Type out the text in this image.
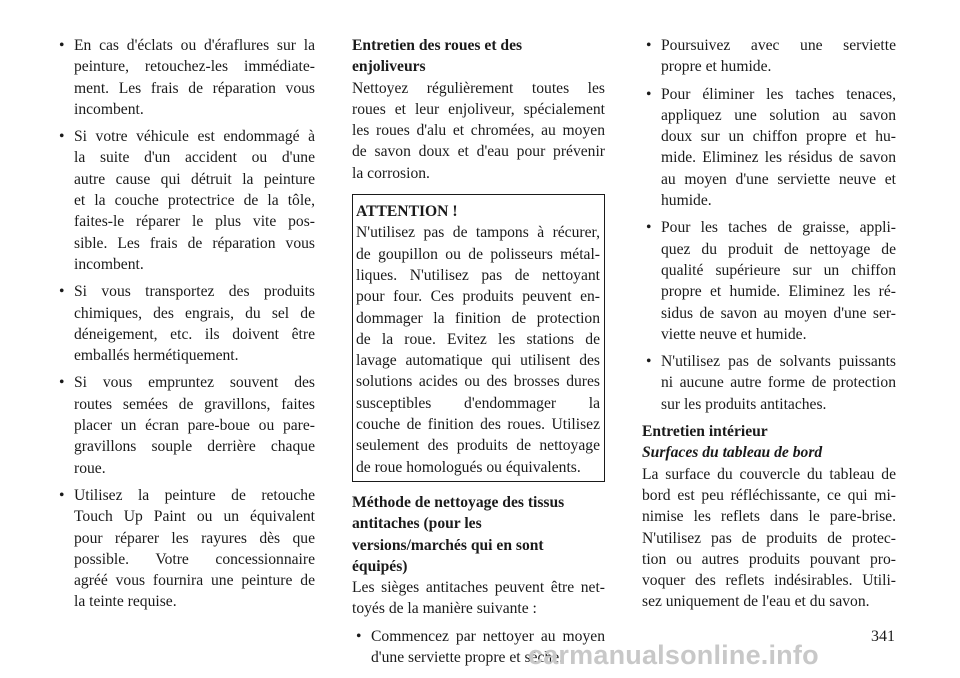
• En cas d'éclats ou d'éraflures sur la
peinture, retouchez-les immédiate-
ment. Les frais de réparation vous
incombent.
• Si votre véhicule est endommagé à
la suite d'un accident ou d'une
autre cause qui détruit la peinture
et la couche protectrice de la tôle,
faites-le réparer le plus vite pos-
sible. Les frais de réparation vous
incombent.
• Si vous transportez des produits
chimiques, des engrais, du sel de
déneigement, etc. ils doivent être
emballés hermétiquement.
• Si vous empruntez souvent des
routes semées de gravillons, faites
placer un écran pare-boue ou pare-
gravillons souple derrière chaque
roue.
• Utilisez la peinture de retouche
Touch Up Paint ou un équivalent
pour réparer les rayures dès que
possible. Votre concessionnaire
agréé vous fournira une peinture de
la teinte requise.
Entretien des roues et des
enjoliveurs
Nettoyez régulièrement toutes les
roues et leur enjoliveur, spécialement
les roues d'alu et chromées, au moyen
de savon doux et d'eau pour prévenir
la corrosion.
ATTENTION !
N'utilisez pas de tampons à récurer,
de goupillon ou de polisseurs métal-
liques. N'utilisez pas de nettoyant
pour four. Ces produits peuvent en-
dommager la finition de protection
de la roue. Evitez les stations de
lavage automatique qui utilisent des
solutions acides ou des brosses dures
susceptibles d'endommager la
couche de finition des roues. Utilisez
seulement des produits de nettoyage
de roue homologués ou équivalents.
Méthode de nettoyage des tissus
antitaches (pour les
versions/marchés qui en sont
équipés)
Les sièges antitaches peuvent être net-
toyés de la manière suivante :
• Commencez par nettoyer au moyen
d'une serviette propre et sèche.
• Poursuivez avec une serviette
propre et humide.
• Pour éliminer les taches tenaces,
appliquez une solution au savon
doux sur un chiffon propre et hu-
mide. Eliminez les résidus de savon
au moyen d'une serviette neuve et
humide.
• Pour les taches de graisse, appli-
quez du produit de nettoyage de
qualité supérieure sur un chiffon
propre et humide. Eliminez les ré-
sidus de savon au moyen d'une ser-
viette neuve et humide.
• N'utilisez pas de solvants puissants
ni aucune autre forme de protection
sur les produits antitaches.
Entretien intérieur
Surfaces du tableau de bord
La surface du couvercle du tableau de
bord est peu réfléchissante, ce qui mi-
nimise les reflets dans le pare-brise.
N'utilisez pas de produits de protec-
tion ou autres produits pouvant pro-
voquer des reflets indésirables. Utili-
sez uniquement de l'eau et du savon.
341
carmanualsonline.info
